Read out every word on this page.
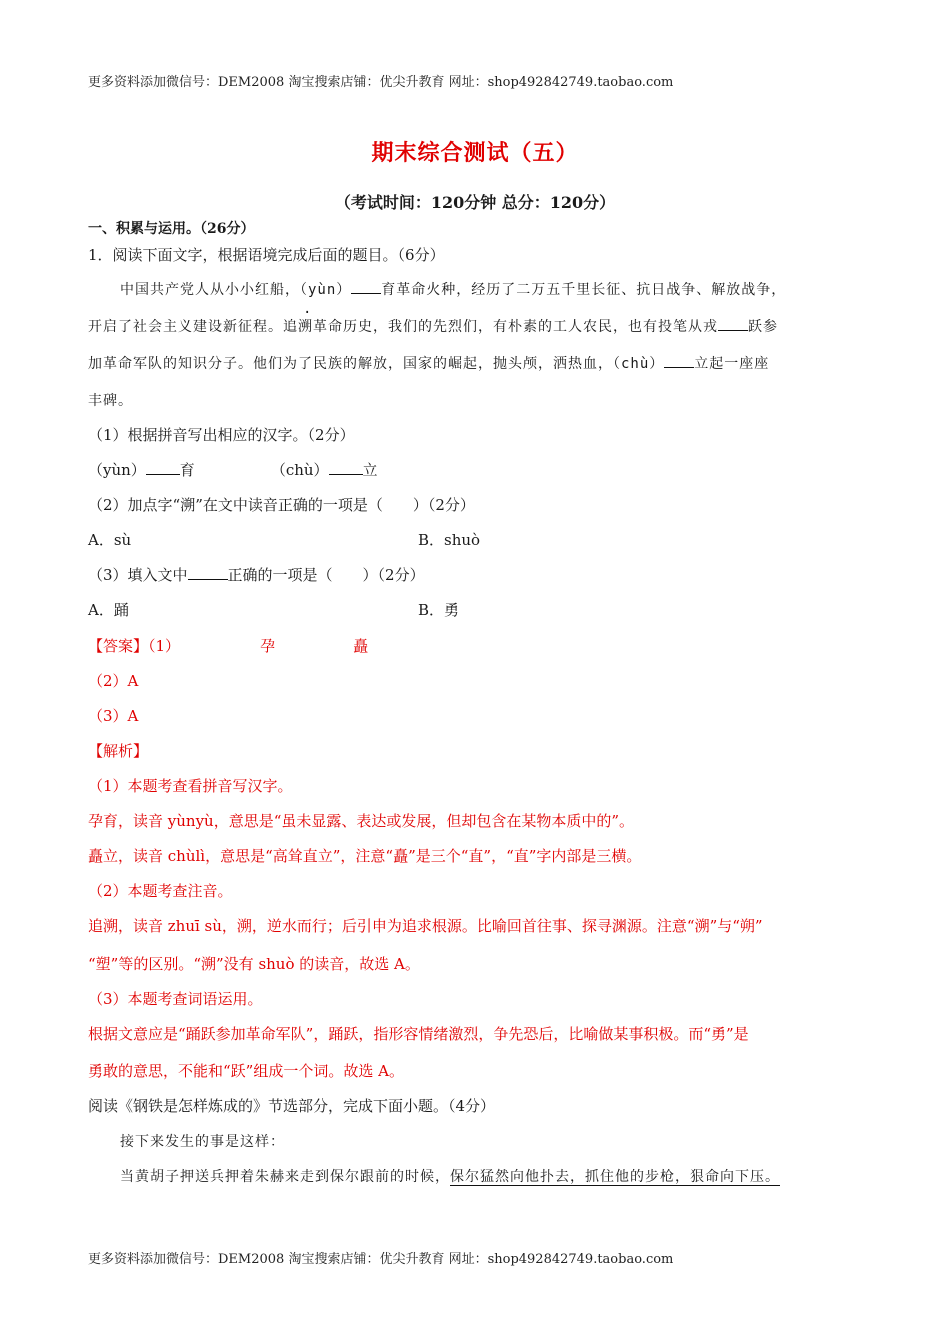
更多资料添加微信号：DEM2008 淘宝搜索店铺：优尖升教育 网址：shop492842749.taobao.com
期末综合测试（五）
（考试时间：120分钟 总分：120分）
一、积累与运用。（26分）
1．阅读下面文字，根据语境完成后面的题目。（6分）
中国共产党人从小小红船，（yùn） 育革命火种，经历了二万五千里长征、抗日战争、解放战争，
开启了社会主义建设新征程。追溯革命历史，我们的先烈们，有朴素的工人农民，也有投笔从戎 跃参
加革命军队的知识分子。他们为了民族的解放，国家的崛起，抛头颅，洒热血，（chù） 立起一座座
丰碑。
（1）根据拼音写出相应的汉字。（2分）
（yùn） 育	（chù） 立
（2）加点字“溯”在文中读音正确的一项是（　　）（2分）
A．sù	B．shuò
（3）填入文中	正确的一项是（　　）（2分）
A．踊	B．勇
【答案】（1）	孕	矗
（2）A
（3）A
【解析】
（1）本题考查看拼音写汉字。
孕育，读音 yùnyù，意思是“虽未显露、表达或发展，但却包含在某物本质中的”。
矗立，读音 chùlì，意思是“高耸直立”，注意“矗”是三个“直”，“直”字内部是三横。
（2）本题考查注音。
追溯，读音 zhuī sù，溯，逆水而行；后引申为追求根源。比喻回首往事、探寻渊源。注意“溯”与“朔”
“塑”等的区别。“溯”没有 shuò 的读音，故选 A。
（3）本题考查词语运用。
根据文意应是“踊跃参加革命军队”，踊跃，指形容情绪激烈，争先恐后，比喻做某事积极。而“勇”是
勇敢的意思，不能和“跃”组成一个词。故选 A。
阅读《钢铁是怎样炼成的》节选部分，完成下面小题。（4分）
接下来发生的事是这样：
当黄胡子押送兵押着朱赫来走到保尔跟前的时候，保尔猛然向他扑去，抓住他的步枪，狠命向下压。
更多资料添加微信号：DEM2008 淘宝搜索店铺：优尖升教育 网址：shop492842749.taobao.com
